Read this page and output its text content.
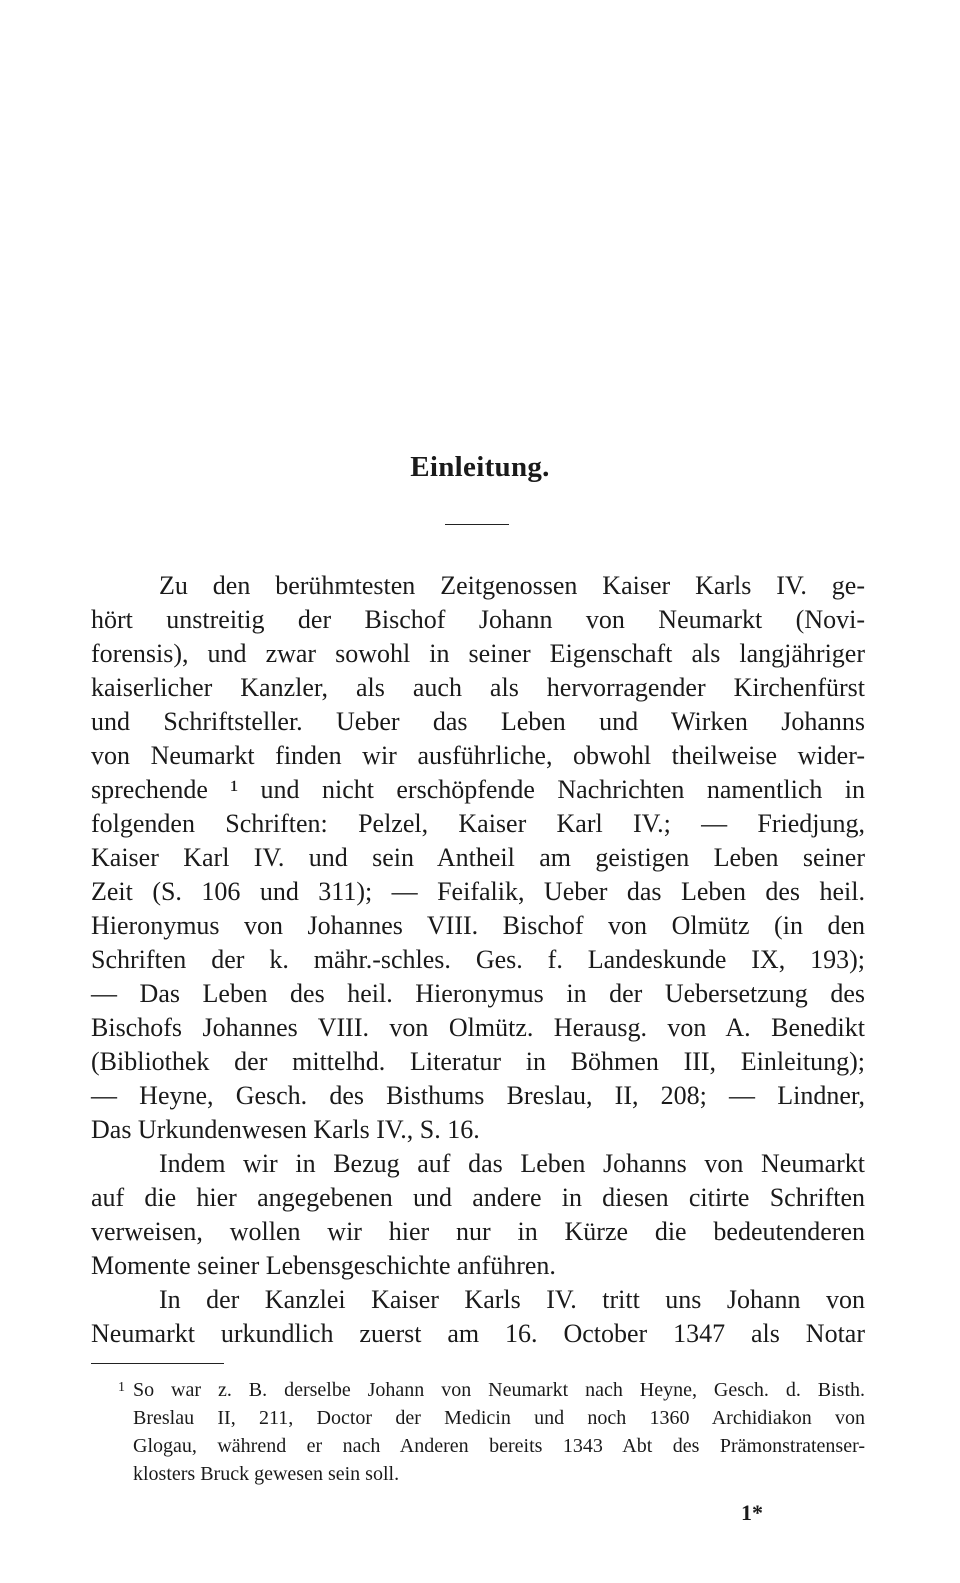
Einleitung.
Zu den berühmtesten Zeitgenossen Kaiser Karls IV. ge-
hört unstreitig der Bischof Johann von Neumarkt (Novi-
forensis), und zwar sowohl in seiner Eigenschaft als langjähriger
kaiserlicher Kanzler, als auch als hervorragender Kirchenfürst
und Schriftsteller. Ueber das Leben und Wirken Johanns
von Neumarkt finden wir ausführliche, obwohl theilweise wider-
sprechende ¹ und nicht erschöpfende Nachrichten namentlich in
folgenden Schriften: Pelzel, Kaiser Karl IV.; — Friedjung,
Kaiser Karl IV. und sein Antheil am geistigen Leben seiner
Zeit (S. 106 und 311); — Feifalik, Ueber das Leben des heil.
Hieronymus von Johannes VIII. Bischof von Olmütz (in den
Schriften der k. mähr.-schles. Ges. f. Landeskunde IX, 193);
— Das Leben des heil. Hieronymus in der Uebersetzung des
Bischofs Johannes VIII. von Olmütz. Herausg. von A. Benedikt
(Bibliothek der mittelhd. Literatur in Böhmen III, Einleitung);
— Heyne, Gesch. des Bisthums Breslau, II, 208; — Lindner,
Das Urkundenwesen Karls IV., S. 16.
Indem wir in Bezug auf das Leben Johanns von Neumarkt
auf die hier angegebenen und andere in diesen citirte Schriften
verweisen, wollen wir hier nur in Kürze die bedeutenderen
Momente seiner Lebensgeschichte anführen.
In der Kanzlei Kaiser Karls IV. tritt uns Johann von
Neumarkt urkundlich zuerst am 16. October 1347 als Notar
1 So war z. B. derselbe Johann von Neumarkt nach Heyne, Gesch. d. Bisth.
Breslau II, 211, Doctor der Medicin und noch 1360 Archidiakon von
Glogau, während er nach Anderen bereits 1343 Abt des Prämonstratenser-
klosters Bruck gewesen sein soll.
1*
